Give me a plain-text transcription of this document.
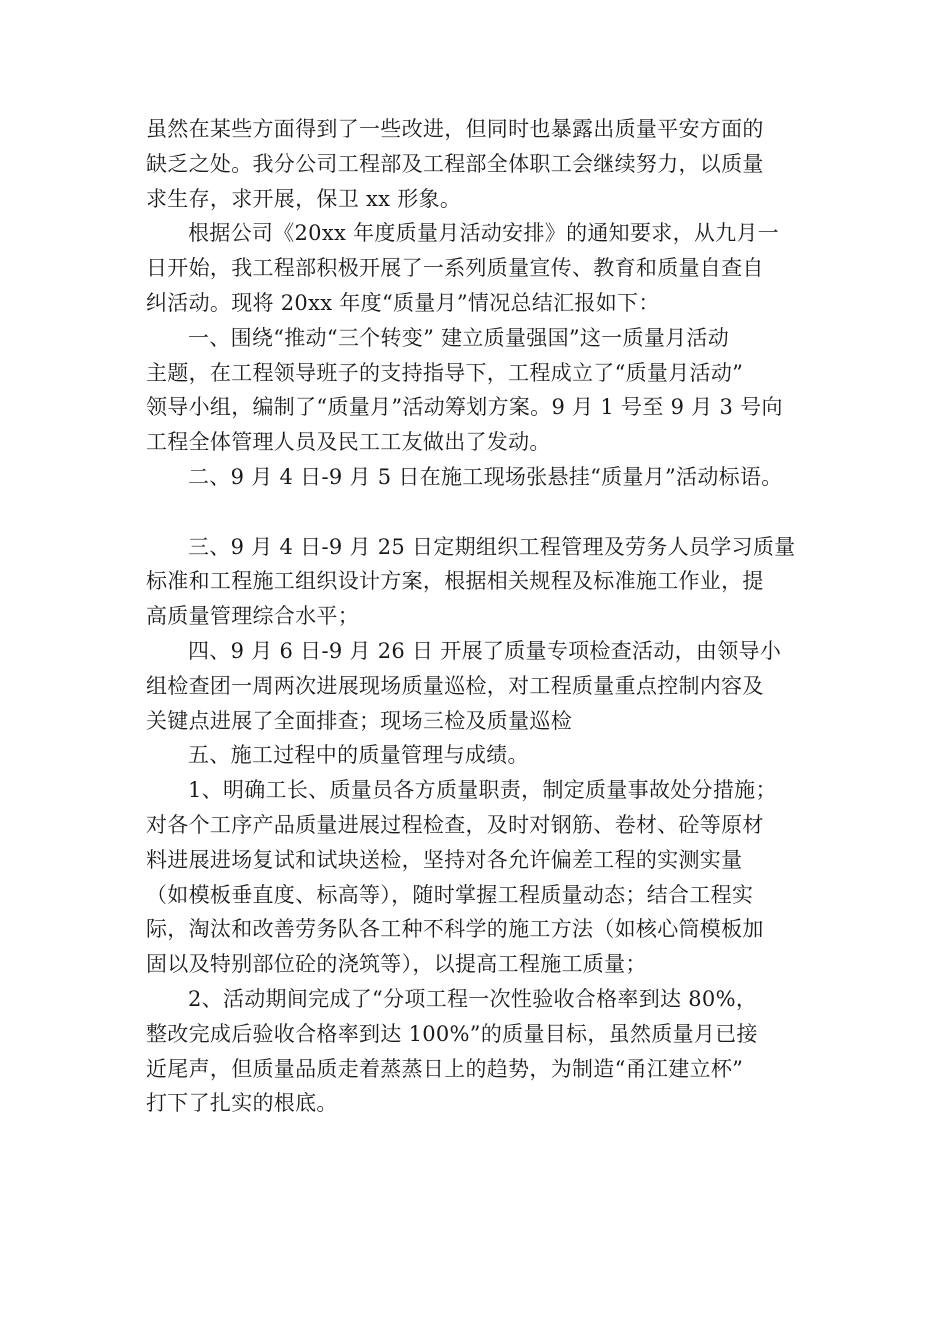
虽然在某些方面得到了一些改进，但同时也暴露出质量平安方面的
缺乏之处。我分公司工程部及工程部全体职工会继续努力，以质量
求生存，求开展，保卫 xx 形象。
根据公司《20xx 年度质量月活动安排》的通知要求，从九月一
日开始，我工程部积极开展了一系列质量宣传、教育和质量自查自
纠活动。现将 20xx 年度“质量月”情况总结汇报如下：
一、围绕“推动“三个转变” 建立质量强国”这一质量月活动
主题，在工程领导班子的支持指导下，工程成立了“质量月活动”
领导小组，编制了“质量月”活动筹划方案。9 月 1 号至 9 月 3 号向
工程全体管理人员及民工工友做出了发动。
二、9 月 4 日-9 月 5 日在施工现场张悬挂“质量月”活动标语。
三、9 月 4 日-9 月 25 日定期组织工程管理及劳务人员学习质量
标准和工程施工组织设计方案，根据相关规程及标准施工作业，提
高质量管理综合水平；
四、9 月 6 日-9 月 26 日 开展了质量专项检查活动，由领导小
组检查团一周两次进展现场质量巡检，对工程质量重点控制内容及
关键点进展了全面排查；现场三检及质量巡检
五、施工过程中的质量管理与成绩。
1、明确工长、质量员各方质量职责，制定质量事故处分措施；
对各个工序产品质量进展过程检查，及时对钢筋、卷材、砼等原材
料进展进场复试和试块送检，坚持对各允许偏差工程的实测实量
（如模板垂直度、标高等），随时掌握工程质量动态；结合工程实
际，淘汰和改善劳务队各工种不科学的施工方法（如核心筒模板加
固以及特别部位砼的浇筑等），以提高工程施工质量；
2、活动期间完成了“分项工程一次性验收合格率到达 80%，
整改完成后验收合格率到达 100%”的质量目标，虽然质量月已接
近尾声，但质量品质走着蒸蒸日上的趋势，为制造“甬江建立杯”
打下了扎实的根底。
